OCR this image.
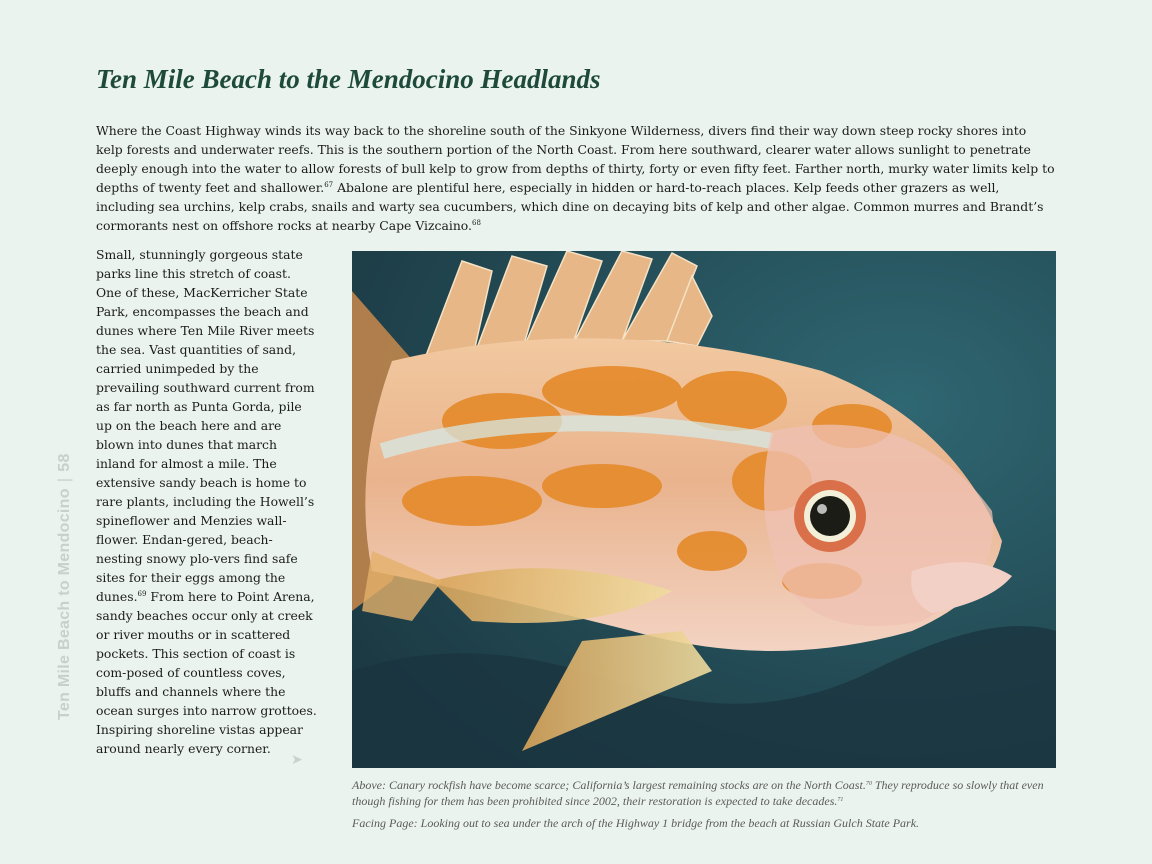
Ten Mile Beach to the Mendocino Headlands

Where the Coast Highway winds its way back to the shoreline south of the Sinkyone Wilderness, divers find their way down steep rocky shores into kelp forests and underwater reefs. This is the southern portion of the North Coast. From here southward, clearer water allows sunlight to penetrate deeply enough into the water to allow forests of bull kelp to grow from depths of thirty, forty or even fifty feet. Farther north, murky water limits kelp to depths of twenty feet and shallower.$^{67}$ Abalone are plentiful here, especially in hidden or hard-to-reach places. Kelp feeds other grazers as well, including sea urchins, kelp crabs, snails and warty sea cucumbers, which dine on decaying bits of kelp and other algae. Common murres and Brandt’s cormorants nest on offshore rocks at nearby Cape Vizcaino.$^{68}$

Small, stunningly gorgeous state parks line this stretch of coast. One of these, MacKerricher State Park, encompasses the beach and dunes where Ten Mile River meets the sea. Vast quantities of sand, carried unimpeded by the prevailing southward current from as far north as Punta Gorda, pile up on the beach here and are blown into dunes that march inland for almost a mile. The extensive sandy beach is home to rare plants, including the Howell’s spineflower and Menzies wall-flower. Endan-gered, beach-nesting snowy plo-vers find safe sites for their eggs among the dunes.$^{69}$ From here to Point Arena, sandy beaches occur only at creek or river mouths or in scattered pockets. This section of coast is com-posed of countless coves, bluffs and channels where the ocean surges into narrow grottoes. Inspiring shoreline vistas appear around nearly every corner.

➤
Ten Mile Beach to Mendocino|58

Above: Canary rockfish have become scarce; California’s largest remaining stocks are on the North Coast.$^{70}$ They reproduce so slowly that even though fishing for them has been prohibited since 2002, their restoration is expected to take decades.$^{71}$

Facing Page: Looking out to sea under the arch of the Highway 1 bridge from the beach at Russian Gulch State Park.
